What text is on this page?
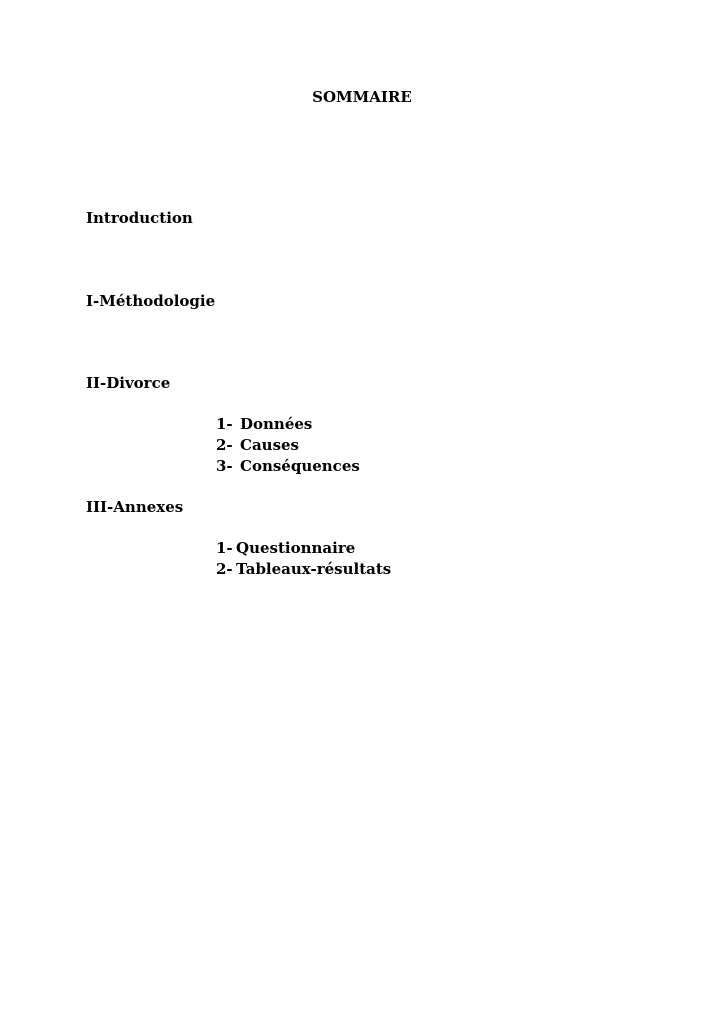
SOMMAIRE
Introduction
I-Méthodologie
II-Divorce
1- Données
2- Causes
3- Conséquences
III-Annexes
1- Questionnaire
2- Tableaux-résultats
